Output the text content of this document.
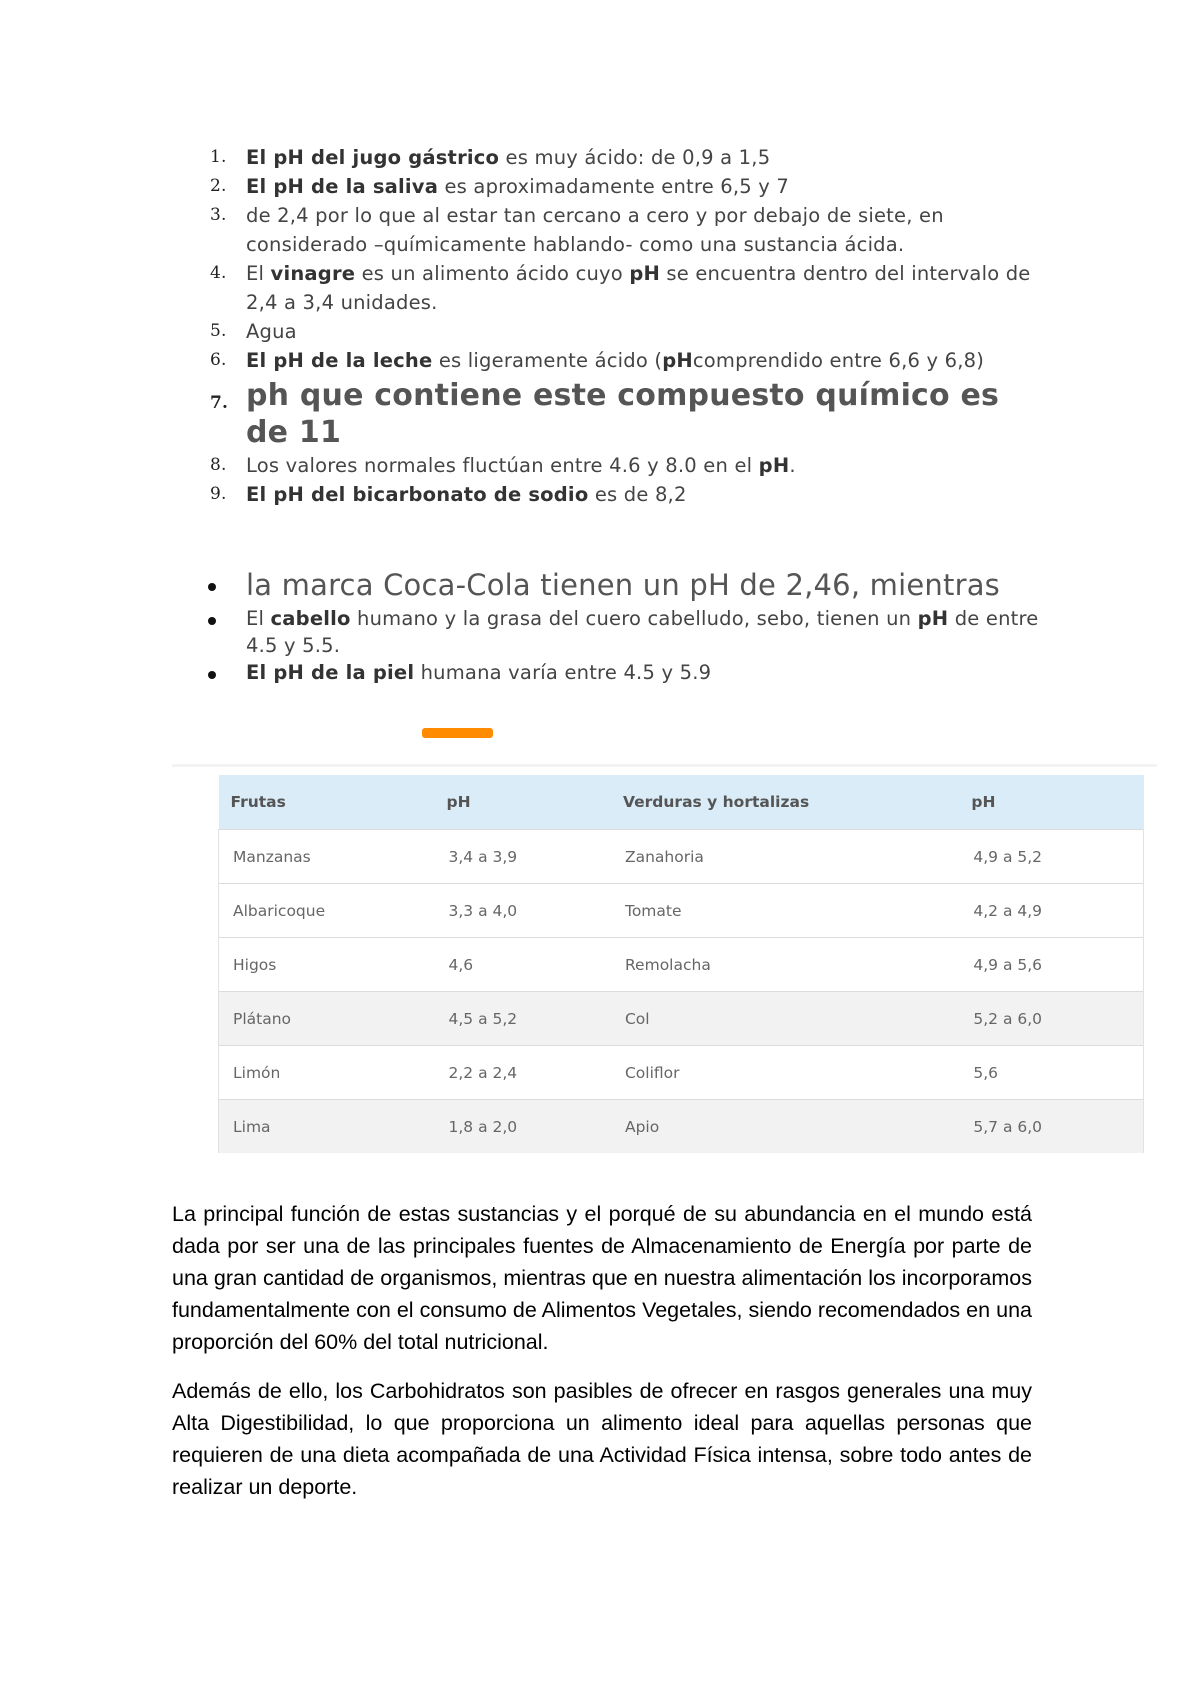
1. El pH del jugo gástrico es muy ácido: de 0,9 a 1,5
2. El pH de la saliva es aproximadamente entre 6,5 y 7
3. de 2,4 por lo que al estar tan cercano a cero y por debajo de siete, en considerado –químicamente hablando- como una sustancia ácida.
4. El vinagre es un alimento ácido cuyo pH se encuentra dentro del intervalo de 2,4 a 3,4 unidades.
5. Agua
6. El pH de la leche es ligeramente ácido (pHcomprendido entre 6,6 y 6,8)
7. ph que contiene este compuesto químico es de 11
8. Los valores normales fluctúan entre 4.6 y 8.0 en el pH.
9. El pH del bicarbonato de sodio es de 8,2
la marca Coca-Cola tienen un pH de 2,46, mientras
El cabello humano y la grasa del cuero cabelludo, sebo, tienen un pH de entre 4.5 y 5.5.
El pH de la piel humana varía entre 4.5 y 5.9
Frutas	pH	Verduras y hortalizas	pH
Manzanas	3,4 a 3,9	Zanahoria	4,9 a 5,2
Albaricoque	3,3 a 4,0	Tomate	4,2 a 4,9
Higos	4,6	Remolacha	4,9 a 5,6
Plátano	4,5 a 5,2	Col	5,2 a 6,0
Limón	2,2 a 2,4	Coliflor	5,6
Lima	1,8 a 2,0	Apio	5,7 a 6,0

La principal función de estas sustancias y el porqué de su abundancia en el mundo está dada por ser una de las principales fuentes de Almacenamiento de Energía por parte de una gran cantidad de organismos, mientras que en nuestra alimentación los incorporamos fundamentalmente con el consumo de Alimentos Vegetales, siendo recomendados en una proporción del 60% del total nutricional.

Además de ello, los Carbohidratos son pasibles de ofrecer en rasgos generales una muy Alta Digestibilidad, lo que proporciona un alimento ideal para aquellas personas que requieren de una dieta acompañada de una Actividad Física intensa, sobre todo antes de realizar un deporte.
